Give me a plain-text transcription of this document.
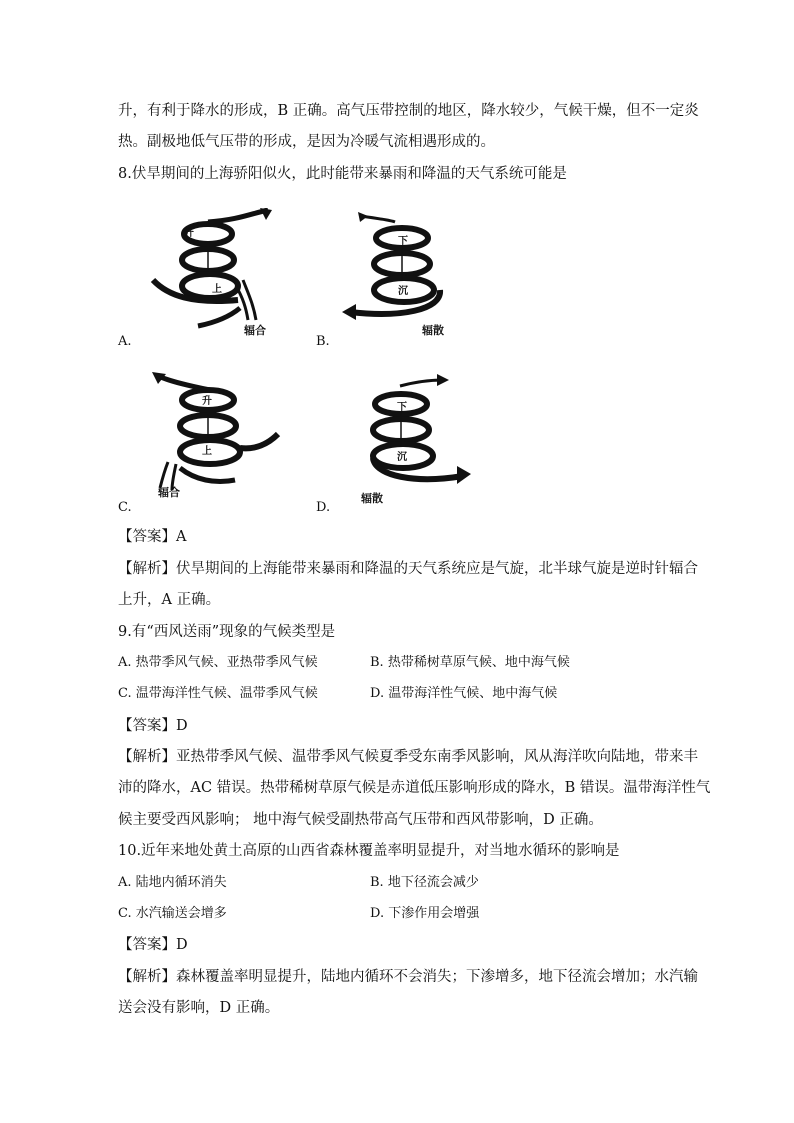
升，有利于降水的形成，B 正确。高气压带控制的地区，降水较少，气候干燥，但不一定炎
热。副极地低气压带的形成，是因为冷暖气流相遇形成的。
8.伏旱期间的上海骄阳似火，此时能带来暴雨和降温的天气系统可能是
升
上
辐合
A.
下
沉
辐散
B.
升
上
辐合
C.
下
沉
辐散
D.
【答案】A
【解析】伏旱期间的上海能带来暴雨和降温的天气系统应是气旋，北半球气旋是逆时针辐合
上升，A 正确。
9.有“西风送雨”现象的气候类型是
A. 热带季风气候、亚热带季风气候	B. 热带稀树草原气候、地中海气候
C. 温带海洋性气候、温带季风气候	D. 温带海洋性气候、地中海气候
【答案】D
【解析】亚热带季风气候、温带季风气候夏季受东南季风影响，风从海洋吹向陆地，带来丰
沛的降水，AC 错误。热带稀树草原气候是赤道低压影响形成的降水，B 错误。温带海洋性气
候主要受西风影响； 地中海气候受副热带高气压带和西风带影响，D 正确。
10.近年来地处黄土高原的山西省森林覆盖率明显提升，对当地水循环的影响是
A. 陆地内循环消失	B. 地下径流会减少
C. 水汽输送会增多	D. 下渗作用会增强
【答案】D
【解析】森林覆盖率明显提升，陆地内循环不会消失；下渗增多，地下径流会增加；水汽输
送会没有影响，D 正确。
